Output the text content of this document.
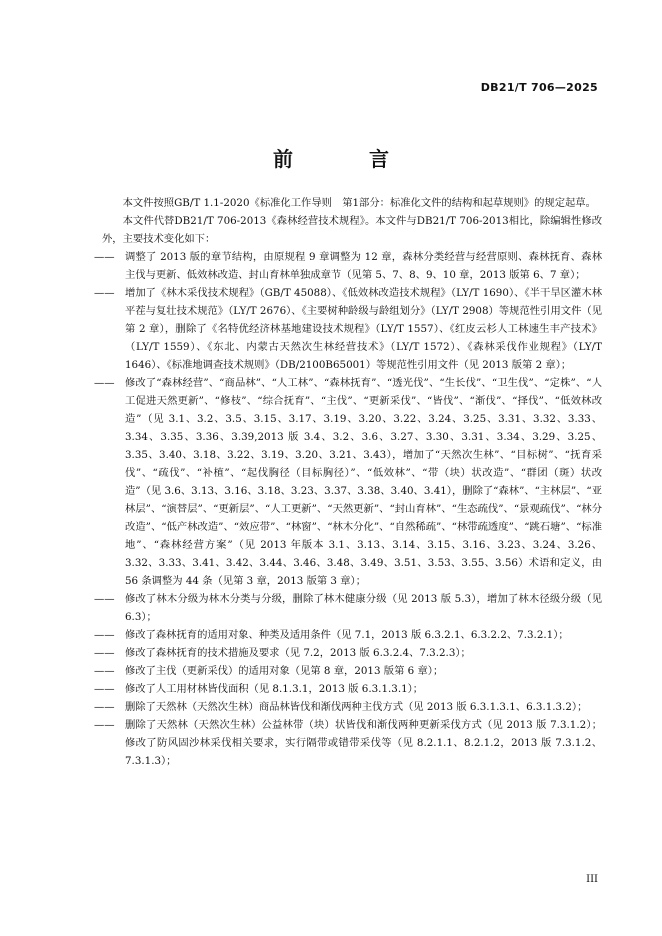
DB21/T 706—2025
前　言

本文件按照GB/T 1.1-2020《标准化工作导则　第1部分：标准化文件的结构和起草规则》的规定起草。

本文件代替DB21/T 706-2013《森林经营技术规程》。本文件与DB21/T 706-2013相比，除编辑性修改外，主要技术变化如下：

—— 调整了 2013 版的章节结构，由原规程 9 章调整为 12 章，森林分类经营与经营原则、森林抚育、森林主伐与更新、低效林改造、封山育林单独成章节（见第 5、7、8、9、10 章，2013 版第 6、7 章）；

—— 增加了《林木采伐技术规程》（GB/T 45088）、《低效林改造技术规程》（LY/T 1690）、《半干旱区灌木林平茬与复壮技术规范》（LY/T 2676）、《主要树种龄级与龄组划分》（LY/T 2908）等规范性引用文件（见第 2 章），删除了《名特优经济林基地建设技术规程》（LY/T 1557）、《红皮云杉人工林速生丰产技术》（LY/T 1559）、《东北、内蒙古天然次生林经营技术》（LY/T 1572）、《森林采伐作业规程》（LY/T 1646）、《标准地调查技术规则》（DB/2100B65001）等规范性引用文件（见 2013 版第 2 章）；

—— 修改了“森林经营”、“商品林”、“人工林”、“森林抚育”、“透光伐”、“生长伐”、“卫生伐”、“定株”、“人工促进天然更新”、“修枝”、“综合抚育”、“主伐”、“更新采伐”、“皆伐”、“渐伐”、“择伐”、“低效林改造”（见 3.1、3.2、3.5、3.15、3.17、3.19、3.20、3.22、3.24、3.25、3.31、3.32、3.33、3.34、3.35、3.36、3.39,2013 版 3.4、3.2、3.6、3.27、3.30、3.31、3.34、3.29、3.25、3.35、3.40、3.18、3.22、3.19、3.20、3.21、3.43），增加了“天然次生林”、“目标树”、“抚育采伐”、“疏伐”、“补植”、“起伐胸径（目标胸径）”、“低效林”、“带（块）状改造”、“群团（斑）状改造”（见 3.6、3.13、3.16、3.18、3.23、3.37、3.38、3.40、3.41），删除了“森林”、“主林层”、“亚林层”、“演替层”、“更新层”、“人工更新”、“天然更新”、“封山育林”、“生态疏伐”、“景观疏伐”、“林分改造”、“低产林改造”、“效应带”、“林窗”、“林木分化”、“自然稀疏”、“林带疏透度”、“跳石塘”、“标准地”、“森林经营方案”（见 2013 年版本 3.1、3.13、3.14、3.15、3.16、3.23、3.24、3.26、3.32、3.33、3.41、3.42、3.44、3.46、3.48、3.49、3.51、3.53、3.55、3.56）术语和定义，由 56 条调整为 44 条（见第 3 章，2013 版第 3 章）；

—— 修改了林木分级为林木分类与分级，删除了林木健康分级（见 2013 版 5.3），增加了林木径级分级（见 6.3）；

—— 修改了森林抚育的适用对象、种类及适用条件（见 7.1，2013 版 6.3.2.1、6.3.2.2、7.3.2.1）；

—— 修改了森林抚育的技术措施及要求（见 7.2，2013 版 6.3.2.4、7.3.2.3）；

—— 修改了主伐（更新采伐）的适用对象（见第 8 章，2013 版第 6 章）；

—— 修改了人工用材林皆伐面积（见 8.1.3.1，2013 版 6.3.1.3.1）；

—— 删除了天然林（天然次生林）商品林皆伐和渐伐两种主伐方式（见 2013 版 6.3.1.3.1、6.3.1.3.2）；

—— 删除了天然林（天然次生林）公益林带（块）状皆伐和渐伐两种更新采伐方式（见 2013 版 7.3.1.2）；修改了防风固沙林采伐相关要求，实行隔带或错带采伐等（见 8.2.1.1、8.2.1.2，2013 版 7.3.1.2、7.3.1.3）；

III
